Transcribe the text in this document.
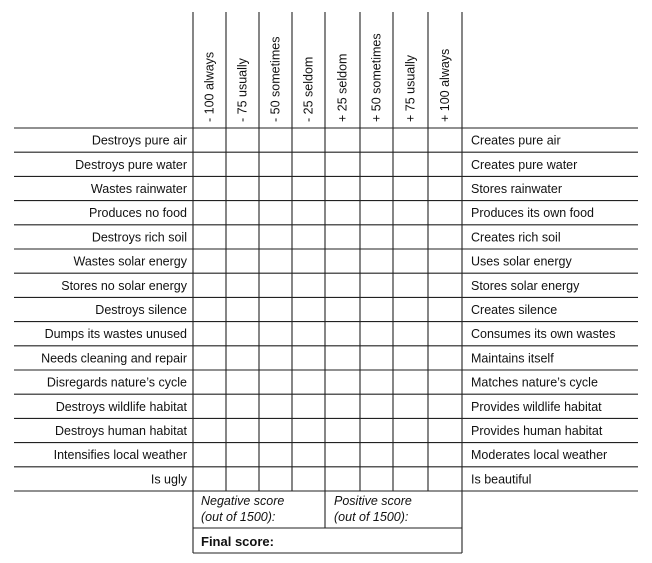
- 100 always - 75 usually - 50 sometimes - 25 seldom + 25 seldom + 50 sometimes + 75 usually + 100 always
Destroys pure air	Creates pure air
Destroys pure water	Creates pure water
Wastes rainwater	Stores rainwater
Produces no food	Produces its own food
Destroys rich soil	Creates rich soil
Wastes solar energy	Uses solar energy
Stores no solar energy	Stores solar energy
Destroys silence	Creates silence
Dumps its wastes unused	Consumes its own wastes
Needs cleaning and repair	Maintains itself
Disregards nature’s cycle	Matches nature’s cycle
Destroys wildlife habitat	Provides wildlife habitat
Destroys human habitat	Provides human habitat
Intensifies local weather	Moderates local weather
Is ugly	Is beautiful
Negative score
(out of 1500):
Positive score
(out of 1500):
Final score:
